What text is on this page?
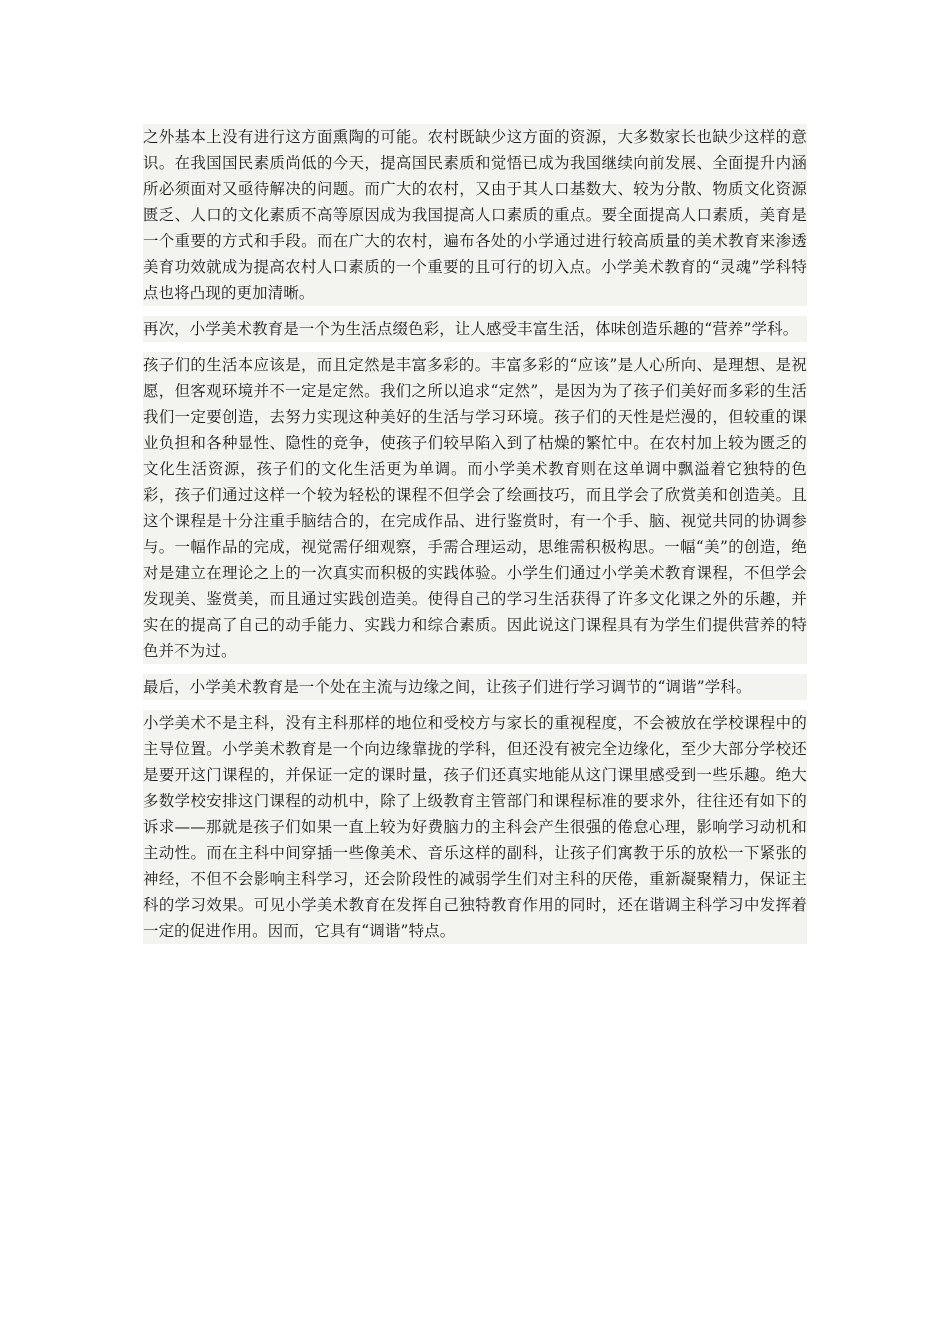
之外基本上没有进行这方面熏陶的可能。农村既缺少这方面的资源，大多数家长也缺少这样的意识。在我国国民素质尚低的今天，提高国民素质和觉悟已成为我国继续向前发展、全面提升内涵所必须面对又亟待解决的问题。而广大的农村，又由于其人口基数大、较为分散、物质文化资源匮乏、人口的文化素质不高等原因成为我国提高人口素质的重点。要全面提高人口素质，美育是一个重要的方式和手段。而在广大的农村，遍布各处的小学通过进行较高质量的美术教育来渗透美育功效就成为提高农村人口素质的一个重要的且可行的切入点。小学美术教育的“灵魂”学科特点也将凸现的更加清晰。

再次，小学美术教育是一个为生活点缀色彩，让人感受丰富生活，体味创造乐趣的“营养”学科。

孩子们的生活本应该是，而且定然是丰富多彩的。丰富多彩的“应该”是人心所向、是理想、是祝愿，但客观环境并不一定是定然。我们之所以追求“定然”，是因为为了孩子们美好而多彩的生活我们一定要创造，去努力实现这种美好的生活与学习环境。孩子们的天性是烂漫的，但较重的课业负担和各种显性、隐性的竞争，使孩子们较早陷入到了枯燥的繁忙中。在农村加上较为匮乏的文化生活资源，孩子们的文化生活更为单调。而小学美术教育则在这单调中飘溢着它独特的色彩，孩子们通过这样一个较为轻松的课程不但学会了绘画技巧，而且学会了欣赏美和创造美。且这个课程是十分注重手脑结合的，在完成作品、进行鉴赏时，有一个手、脑、视觉共同的协调参与。一幅作品的完成，视觉需仔细观察，手需合理运动，思维需积极构思。一幅“美”的创造，绝对是建立在理论之上的一次真实而积极的实践体验。小学生们通过小学美术教育课程，不但学会发现美、鉴赏美，而且通过实践创造美。使得自己的学习生活获得了许多文化课之外的乐趣，并实在的提高了自己的动手能力、实践力和综合素质。因此说这门课程具有为学生们提供营养的特色并不为过。

最后，小学美术教育是一个处在主流与边缘之间，让孩子们进行学习调节的“调谐”学科。

小学美术不是主科，没有主科那样的地位和受校方与家长的重视程度，不会被放在学校课程中的主导位置。小学美术教育是一个向边缘靠拢的学科，但还没有被完全边缘化，至少大部分学校还是要开这门课程的，并保证一定的课时量，孩子们还真实地能从这门课里感受到一些乐趣。绝大多数学校安排这门课程的动机中，除了上级教育主管部门和课程标准的要求外，往往还有如下的诉求——那就是孩子们如果一直上较为好费脑力的主科会产生很强的倦怠心理，影响学习动机和主动性。而在主科中间穿插一些像美术、音乐这样的副科，让孩子们寓教于乐的放松一下紧张的神经，不但不会影响主科学习，还会阶段性的减弱学生们对主科的厌倦，重新凝聚精力，保证主科的学习效果。可见小学美术教育在发挥自己独特教育作用的同时，还在谐调主科学习中发挥着一定的促进作用。因而，它具有“调谐”特点。
